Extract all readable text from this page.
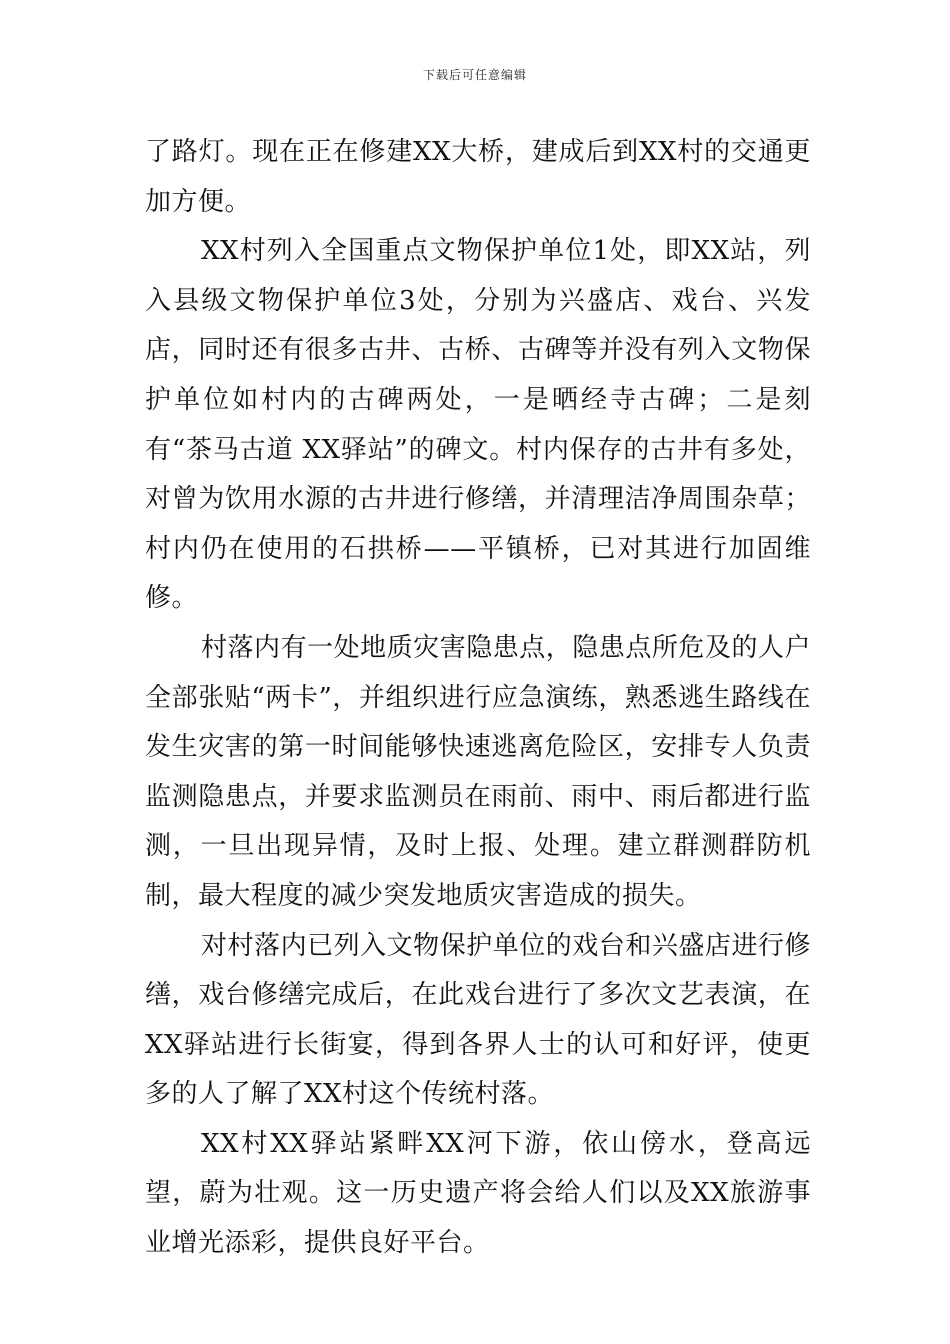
下载后可任意编辑

了路灯。现在正在修建XX大桥，建成后到XX村的交通更加方便。

XX村列入全国重点文物保护单位1处，即XX站，列入县级文物保护单位3处，分别为兴盛店、戏台、兴发店，同时还有很多古井、古桥、古碑等并没有列入文物保护单位如村内的古碑两处，一是晒经寺古碑；二是刻有“茶马古道 XX驿站”的碑文。村内保存的古井有多处，对曾为饮用水源的古井进行修缮，并清理洁净周围杂草；村内仍在使用的石拱桥——平镇桥，已对其进行加固维修。

村落内有一处地质灾害隐患点，隐患点所危及的人户全部张贴“两卡”，并组织进行应急演练，熟悉逃生路线在发生灾害的第一时间能够快速逃离危险区，安排专人负责监测隐患点，并要求监测员在雨前、雨中、雨后都进行监测，一旦出现异情，及时上报、处理。建立群测群防机制，最大程度的减少突发地质灾害造成的损失。

对村落内已列入文物保护单位的戏台和兴盛店进行修缮，戏台修缮完成后，在此戏台进行了多次文艺表演，在XX驿站进行长街宴，得到各界人士的认可和好评，使更多的人了解了XX村这个传统村落。

XX村XX驿站紧畔XX河下游，依山傍水，登高远望，蔚为壮观。这一历史遗产将会给人们以及XX旅游事业增光添彩，提供良好平台。
